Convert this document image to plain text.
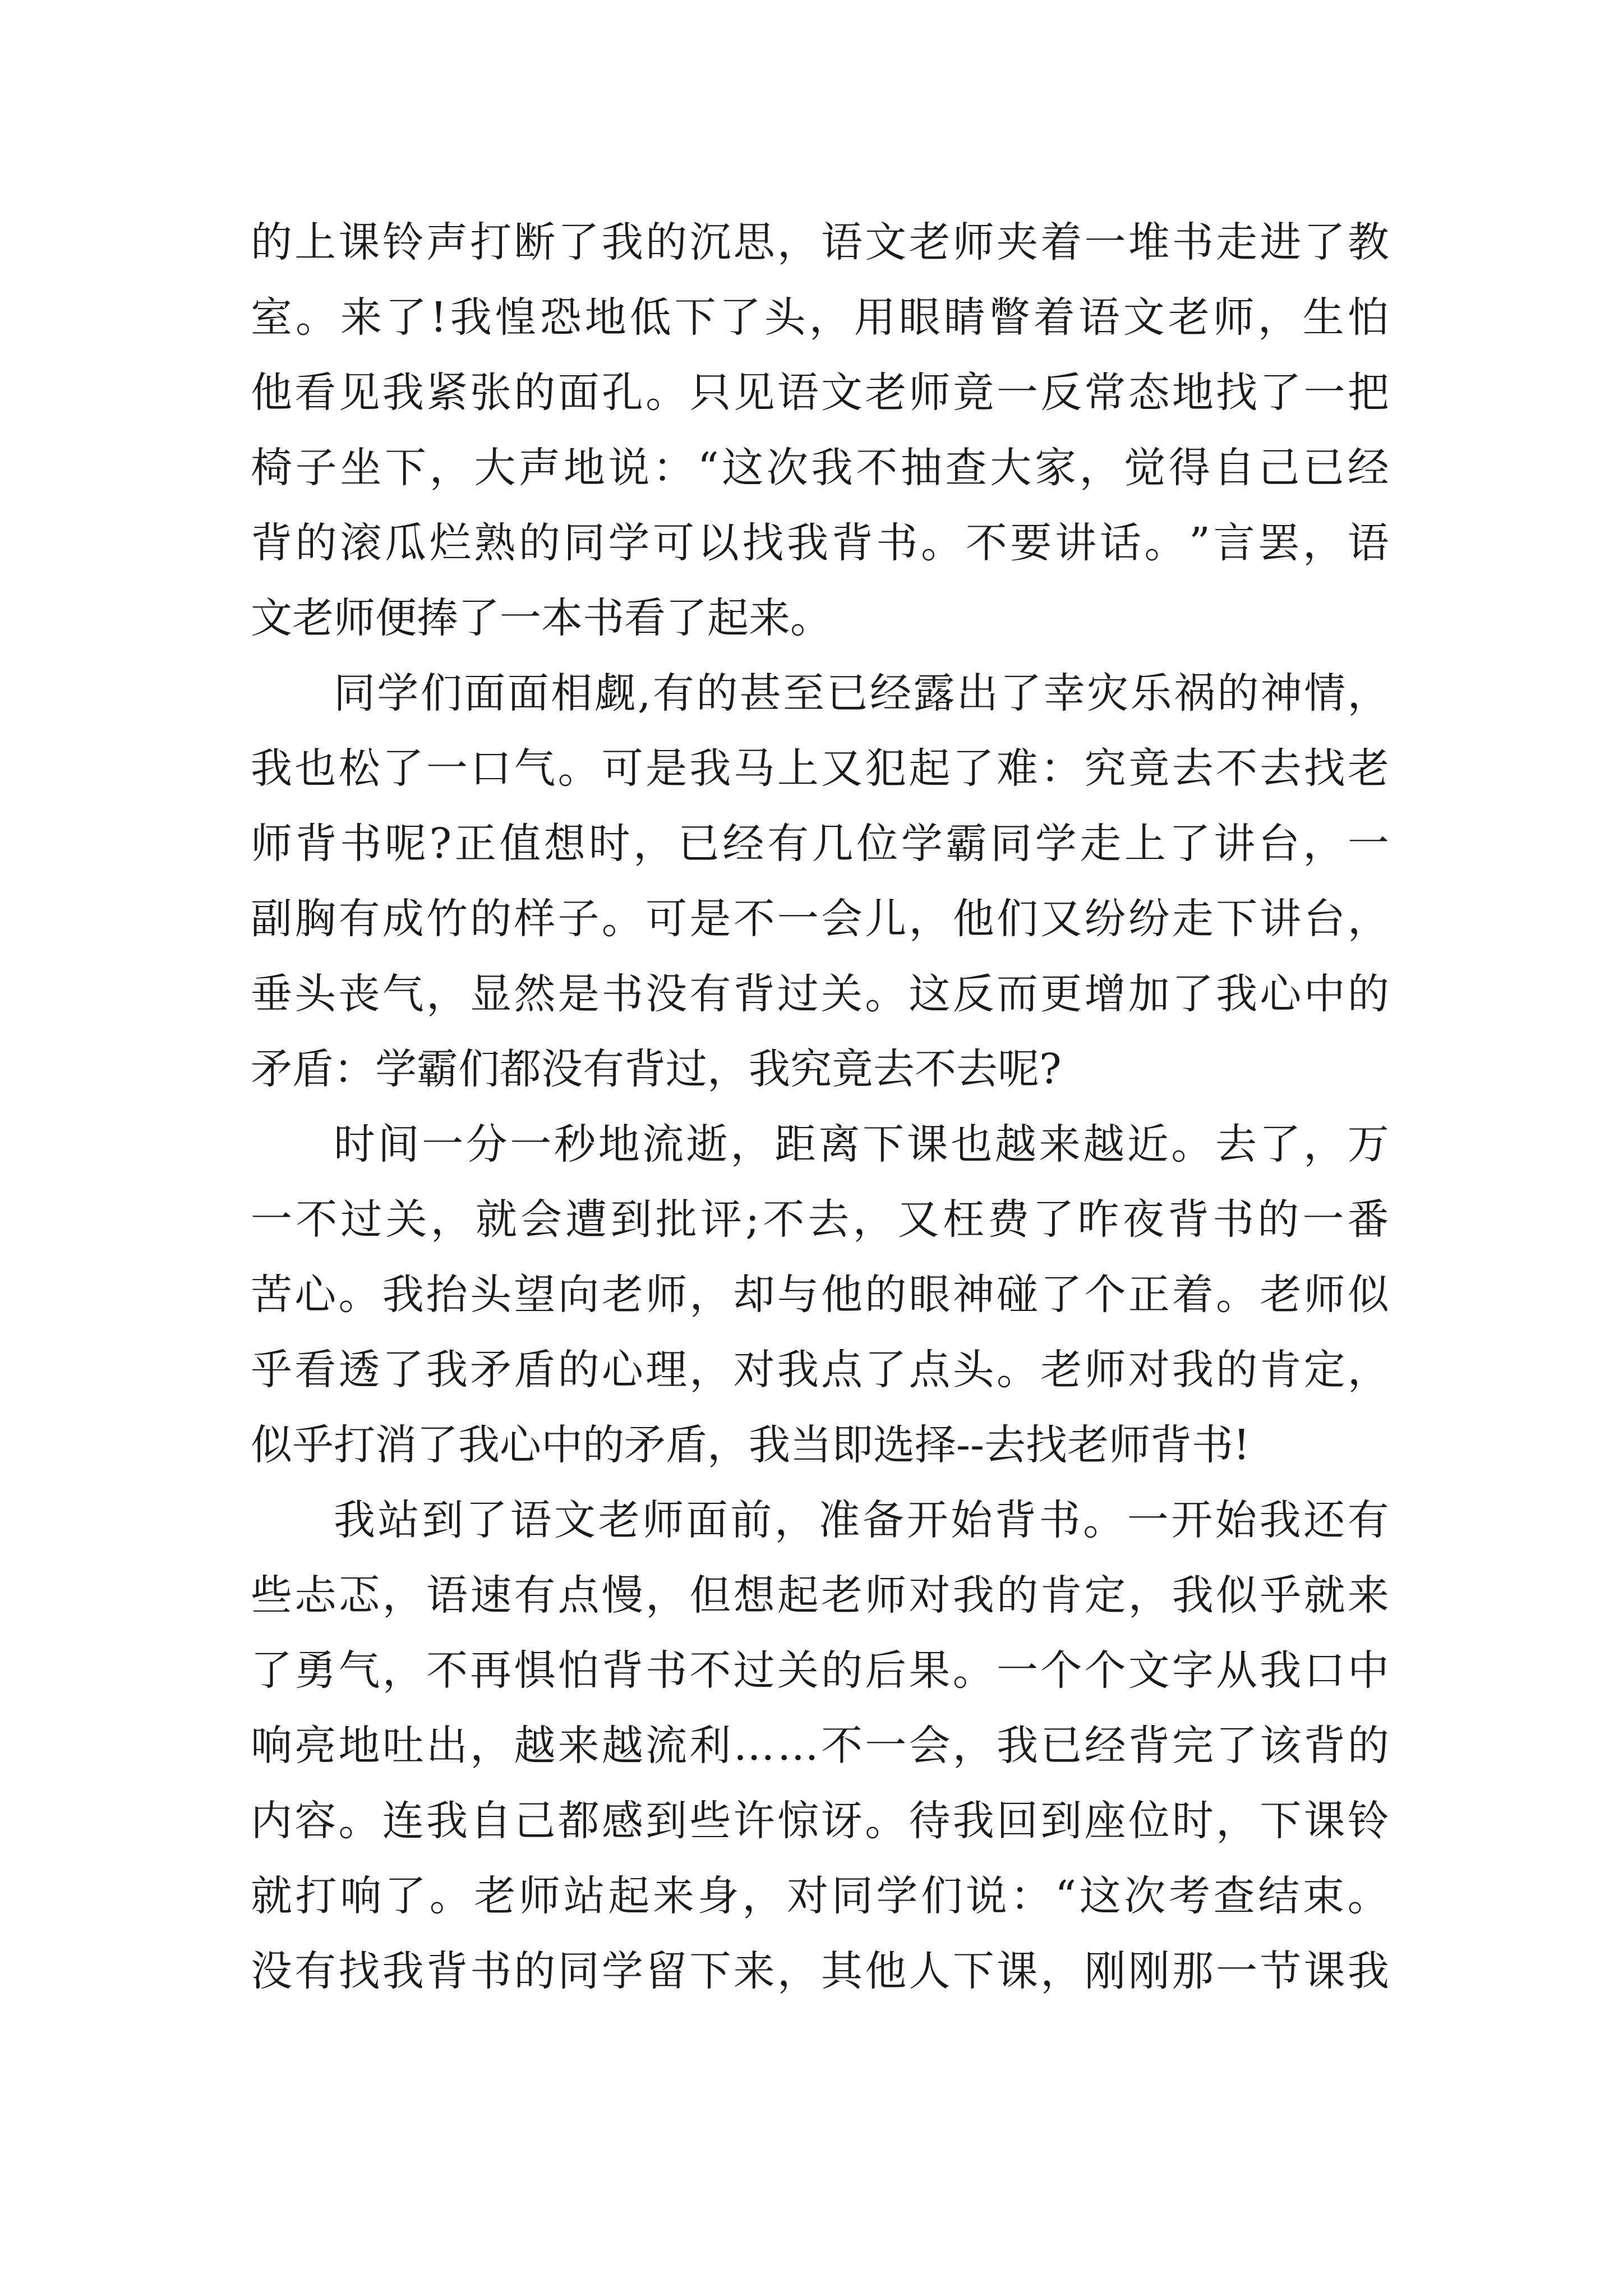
的 上 课 铃 声 打 断 了 我 的 沉 思 ， 语 文 老 师 夹 着 一 堆 书 走 进 了 教
室 。 来 了 ! 我 惶 恐 地 低 下 了 头 ， 用 眼 睛 瞥 着 语 文 老 师 ， 生 怕
他 看 见 我 紧 张 的 面 孔 。 只 见 语 文 老 师 竟 一 反 常 态 地 找 了 一 把
椅 子 坐 下 ， 大 声 地 说 ： “ 这 次 我 不 抽 查 大 家 ， 觉 得 自 己 已 经
背 的 滚 瓜 烂 熟 的 同 学 可 以 找 我 背 书 。 不 要 讲 话 。 ” 言 罢 ， 语
文老师便捧了一本书看了起来。
同 学 们 面 面 相 觑 , 有 的 甚 至 已 经 露 出 了 幸 灾 乐 祸 的 神 情 ，
我 也 松 了 一 口 气 。 可 是 我 马 上 又 犯 起 了 难 ： 究 竟 去 不 去 找 老
师 背 书 呢 ? 正 值 想 时 ， 已 经 有 几 位 学 霸 同 学 走 上 了 讲 台 ， 一
副 胸 有 成 竹 的 样 子 。 可 是 不 一 会 儿 ， 他 们 又 纷 纷 走 下 讲 台 ，
垂 头 丧 气 ， 显 然 是 书 没 有 背 过 关 。 这 反 而 更 增 加 了 我 心 中 的
矛盾：学霸们都没有背过，我究竟去不去呢?
时 间 一 分 一 秒 地 流 逝 ， 距 离 下 课 也 越 来 越 近 。 去 了 ， 万
一 不 过 关 ， 就 会 遭 到 批 评 ; 不 去 ， 又 枉 费 了 昨 夜 背 书 的 一 番
苦 心 。 我 抬 头 望 向 老 师 ， 却 与 他 的 眼 神 碰 了 个 正 着 。 老 师 似
乎 看 透 了 我 矛 盾 的 心 理 ， 对 我 点 了 点 头 。 老 师 对 我 的 肯 定 ，
似乎打消了我心中的矛盾，我当即选择--去找老师背书!
我 站 到 了 语 文 老 师 面 前 ， 准 备 开 始 背 书 。 一 开 始 我 还 有
些 忐 忑 ， 语 速 有 点 慢 ， 但 想 起 老 师 对 我 的 肯 定 ， 我 似 乎 就 来
了 勇 气 ， 不 再 惧 怕 背 书 不 过 关 的 后 果 。 一 个 个 文 字 从 我 口 中
响 亮 地 吐 出 ， 越 来 越 流 利 … … 不 一 会 ， 我 已 经 背 完 了 该 背 的
内 容 。 连 我 自 己 都 感 到 些 许 惊 讶 。 待 我 回 到 座 位 时 ， 下 课 铃
就 打 响 了 。 老 师 站 起 来 身 ， 对 同 学 们 说 ： “ 这 次 考 查 结 束 。
没 有 找 我 背 书 的 同 学 留 下 来 ， 其 他 人 下 课 ， 刚 刚 那 一 节 课 我
